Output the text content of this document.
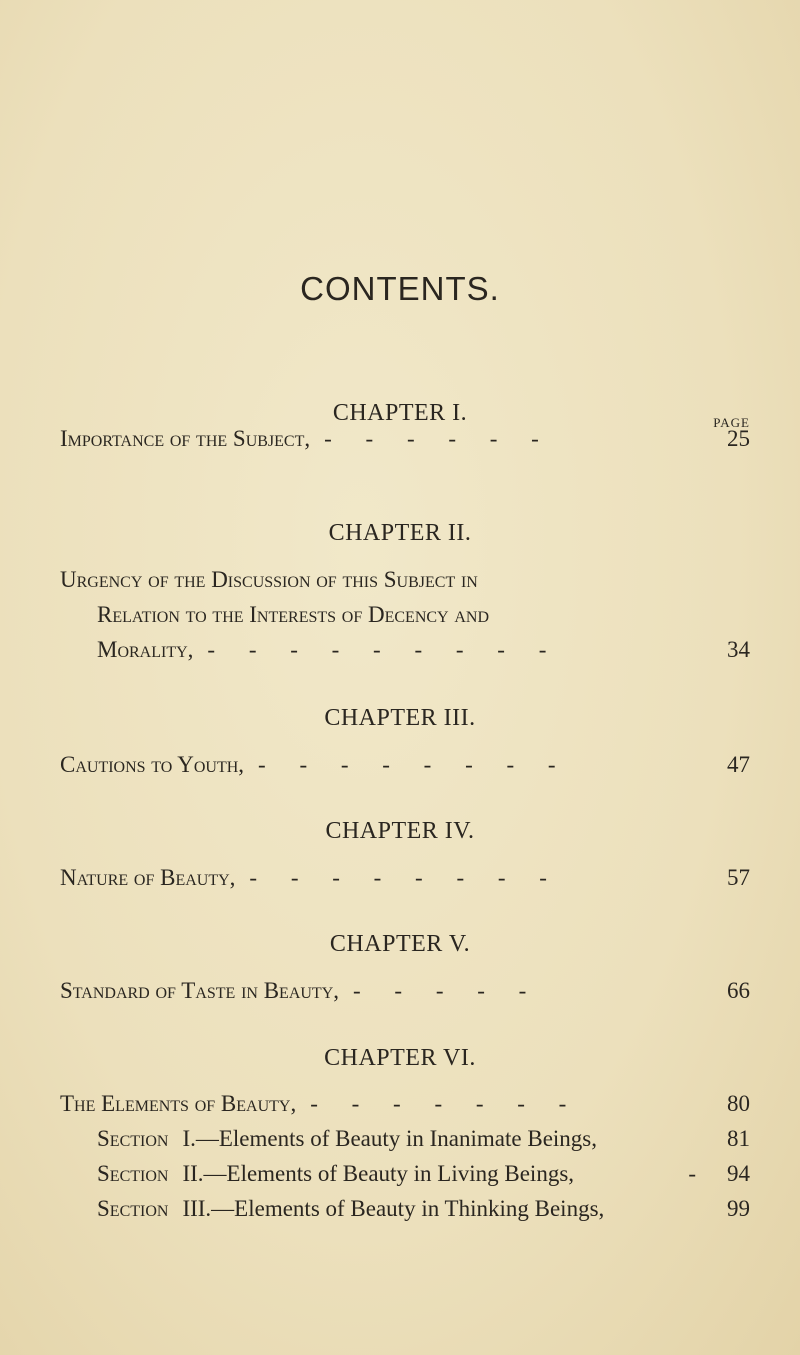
CONTENTS.
CHAPTER I.	PAGE
Importance of the Subject, - - - - - -	25
CHAPTER II.
Urgency of the Discussion of this Subject in
Relation to the Interests of Decency and
Morality, - - - - - - - - -	34
CHAPTER III.
Cautions to Youth, - - - - - - - -	47
CHAPTER IV.
Nature of Beauty, - - - - - - - -	57
CHAPTER V.
Standard of Taste in Beauty, - - - - -	66
CHAPTER VI.
The Elements of Beauty, - - - - - - -	80
Section I.—Elements of Beauty in Inanimate Beings,	81
Section II.—Elements of Beauty in Living Beings,	-	94
Section III.—Elements of Beauty in Thinking Beings,	99
